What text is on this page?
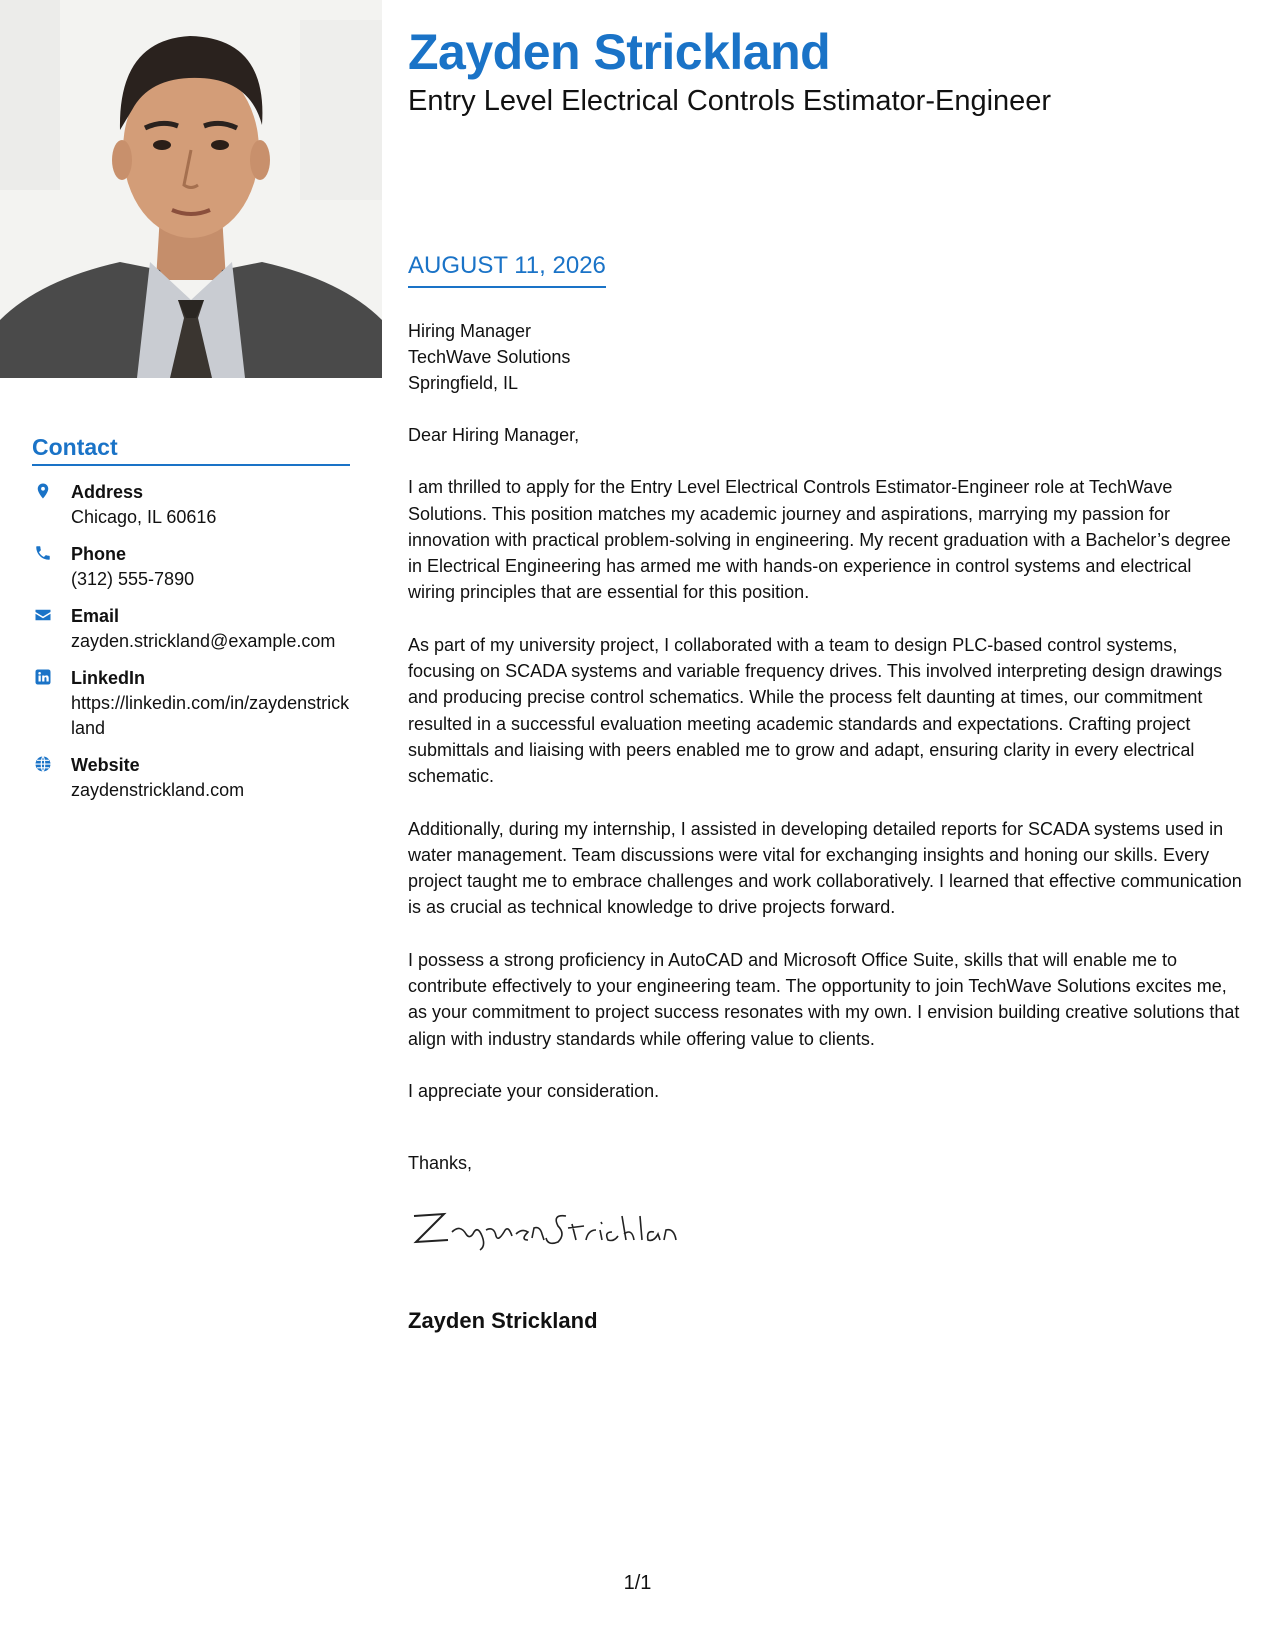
Contact
Address
Chicago, IL 60616
Phone
(312) 555-7890
Email
zayden.strickland@example.com
LinkedIn
https://linkedin.com/in/zaydenstrickland
Website
zaydenstrickland.com
Zayden Strickland
Entry Level Electrical Controls Estimator-Engineer
AUGUST 11, 2026
Hiring Manager
TechWave Solutions
Springfield, IL

Dear Hiring Manager,

I am thrilled to apply for the Entry Level Electrical Controls Estimator-Engineer role at TechWave Solutions. This position matches my academic journey and aspirations, marrying my passion for innovation with practical problem-solving in engineering. My recent graduation with a Bachelor’s degree in Electrical Engineering has armed me with hands-on experience in control systems and electrical wiring principles that are essential for this position.

As part of my university project, I collaborated with a team to design PLC-based control systems, focusing on SCADA systems and variable frequency drives. This involved interpreting design drawings and producing precise control schematics. While the process felt daunting at times, our commitment resulted in a successful evaluation meeting academic standards and expectations. Crafting project submittals and liaising with peers enabled me to grow and adapt, ensuring clarity in every electrical schematic.

Additionally, during my internship, I assisted in developing detailed reports for SCADA systems used in water management. Team discussions were vital for exchanging insights and honing our skills. Every project taught me to embrace challenges and work collaboratively. I learned that effective communication is as crucial as technical knowledge to drive projects forward.

I possess a strong proficiency in AutoCAD and Microsoft Office Suite, skills that will enable me to contribute effectively to your engineering team. The opportunity to join TechWave Solutions excites me, as your commitment to project success resonates with my own. I envision building creative solutions that align with industry standards while offering value to clients.

I appreciate your consideration.

Thanks,
Zayden Strickland
1/1
